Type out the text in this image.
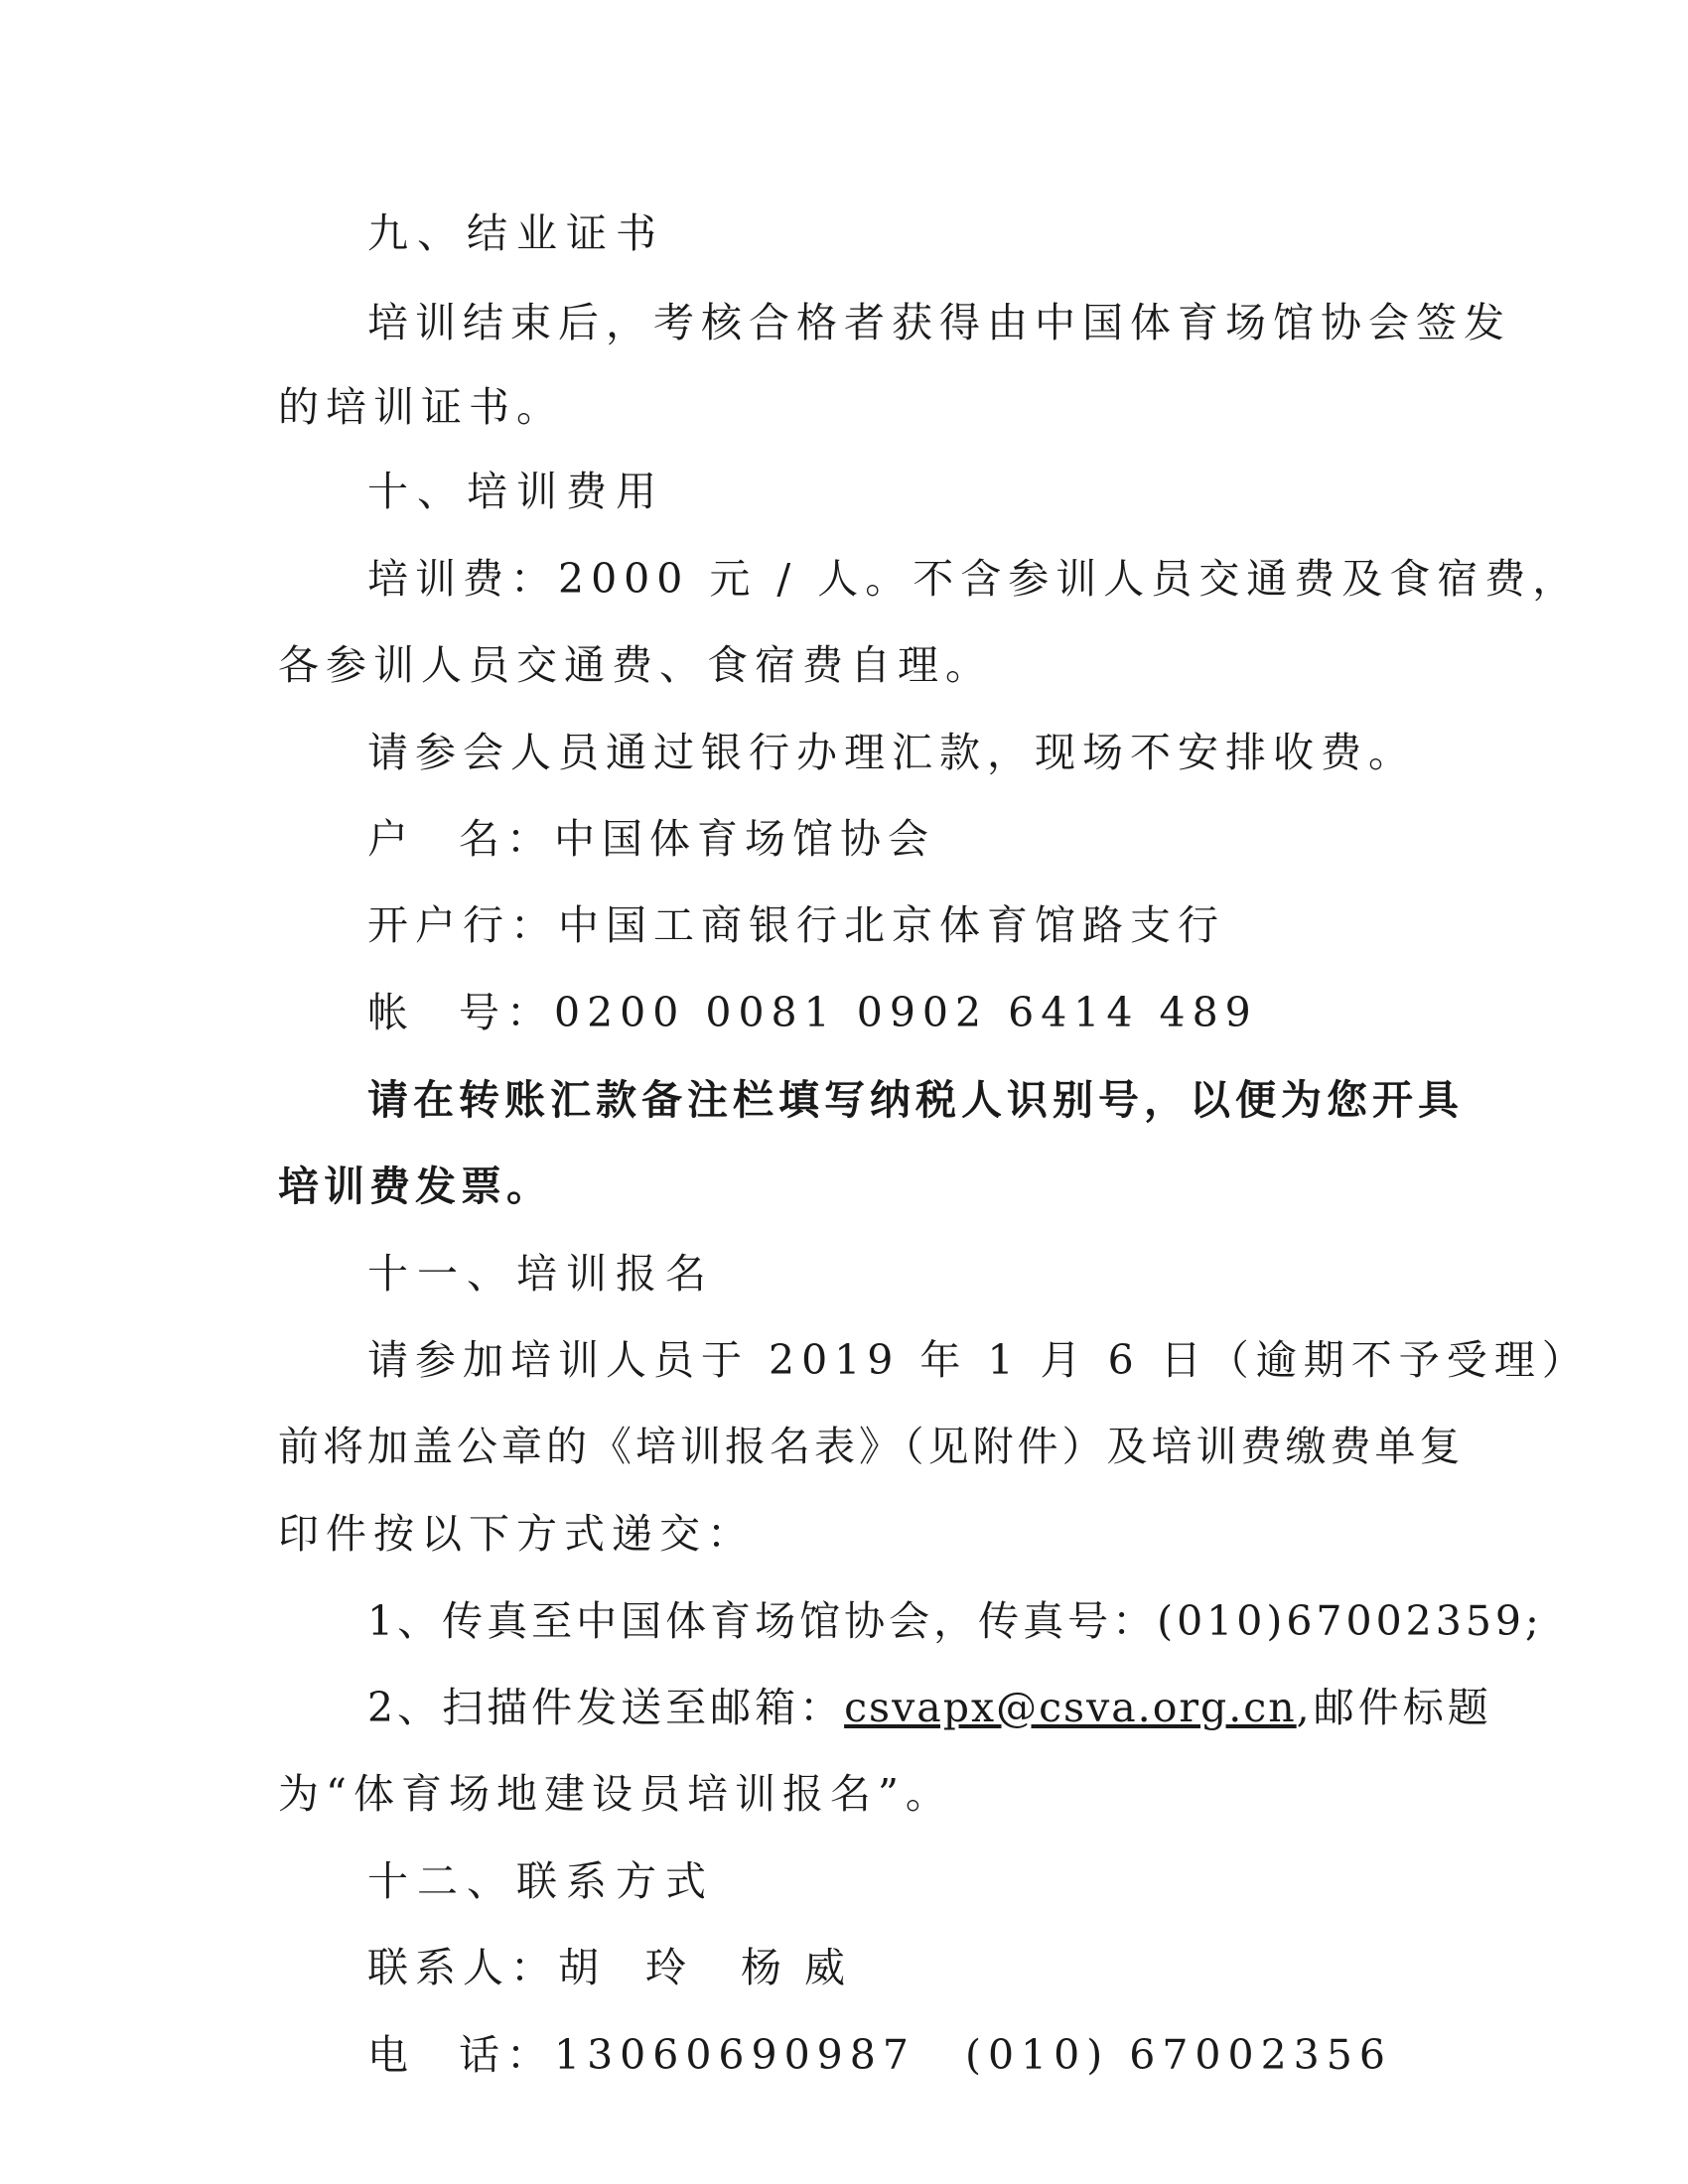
九、结业证书
培训结束后，考核合格者获得由中国体育场馆协会签发
的培训证书。
十、培训费用
培训费：2000 元 / 人。不含参训人员交通费及食宿费，
各参训人员交通费、食宿费自理。
请参会人员通过银行办理汇款，现场不安排收费。
户 名：中国体育场馆协会
开户行：中国工商银行北京体育馆路支行
帐 号：0200 0081 0902 6414 489
请在转账汇款备注栏填写纳税人识别号，以便为您开具
培训费发票。
十一、培训报名
请参加培训人员于 2019 年 1 月 6 日（逾期不予受理）
前将加盖公章的《培训报名表》（见附件）及培训费缴费单复
印件按以下方式递交：
1、传真至中国体育场馆协会，传真号：(010)67002359;
2、扫描件发送至邮箱：csvapx@csva.org.cn,邮件标题
为“体育场地建设员培训报名”。
十二、联系方式
联系人：胡 玲 杨 威
电 话：13060690987 (010) 67002356
